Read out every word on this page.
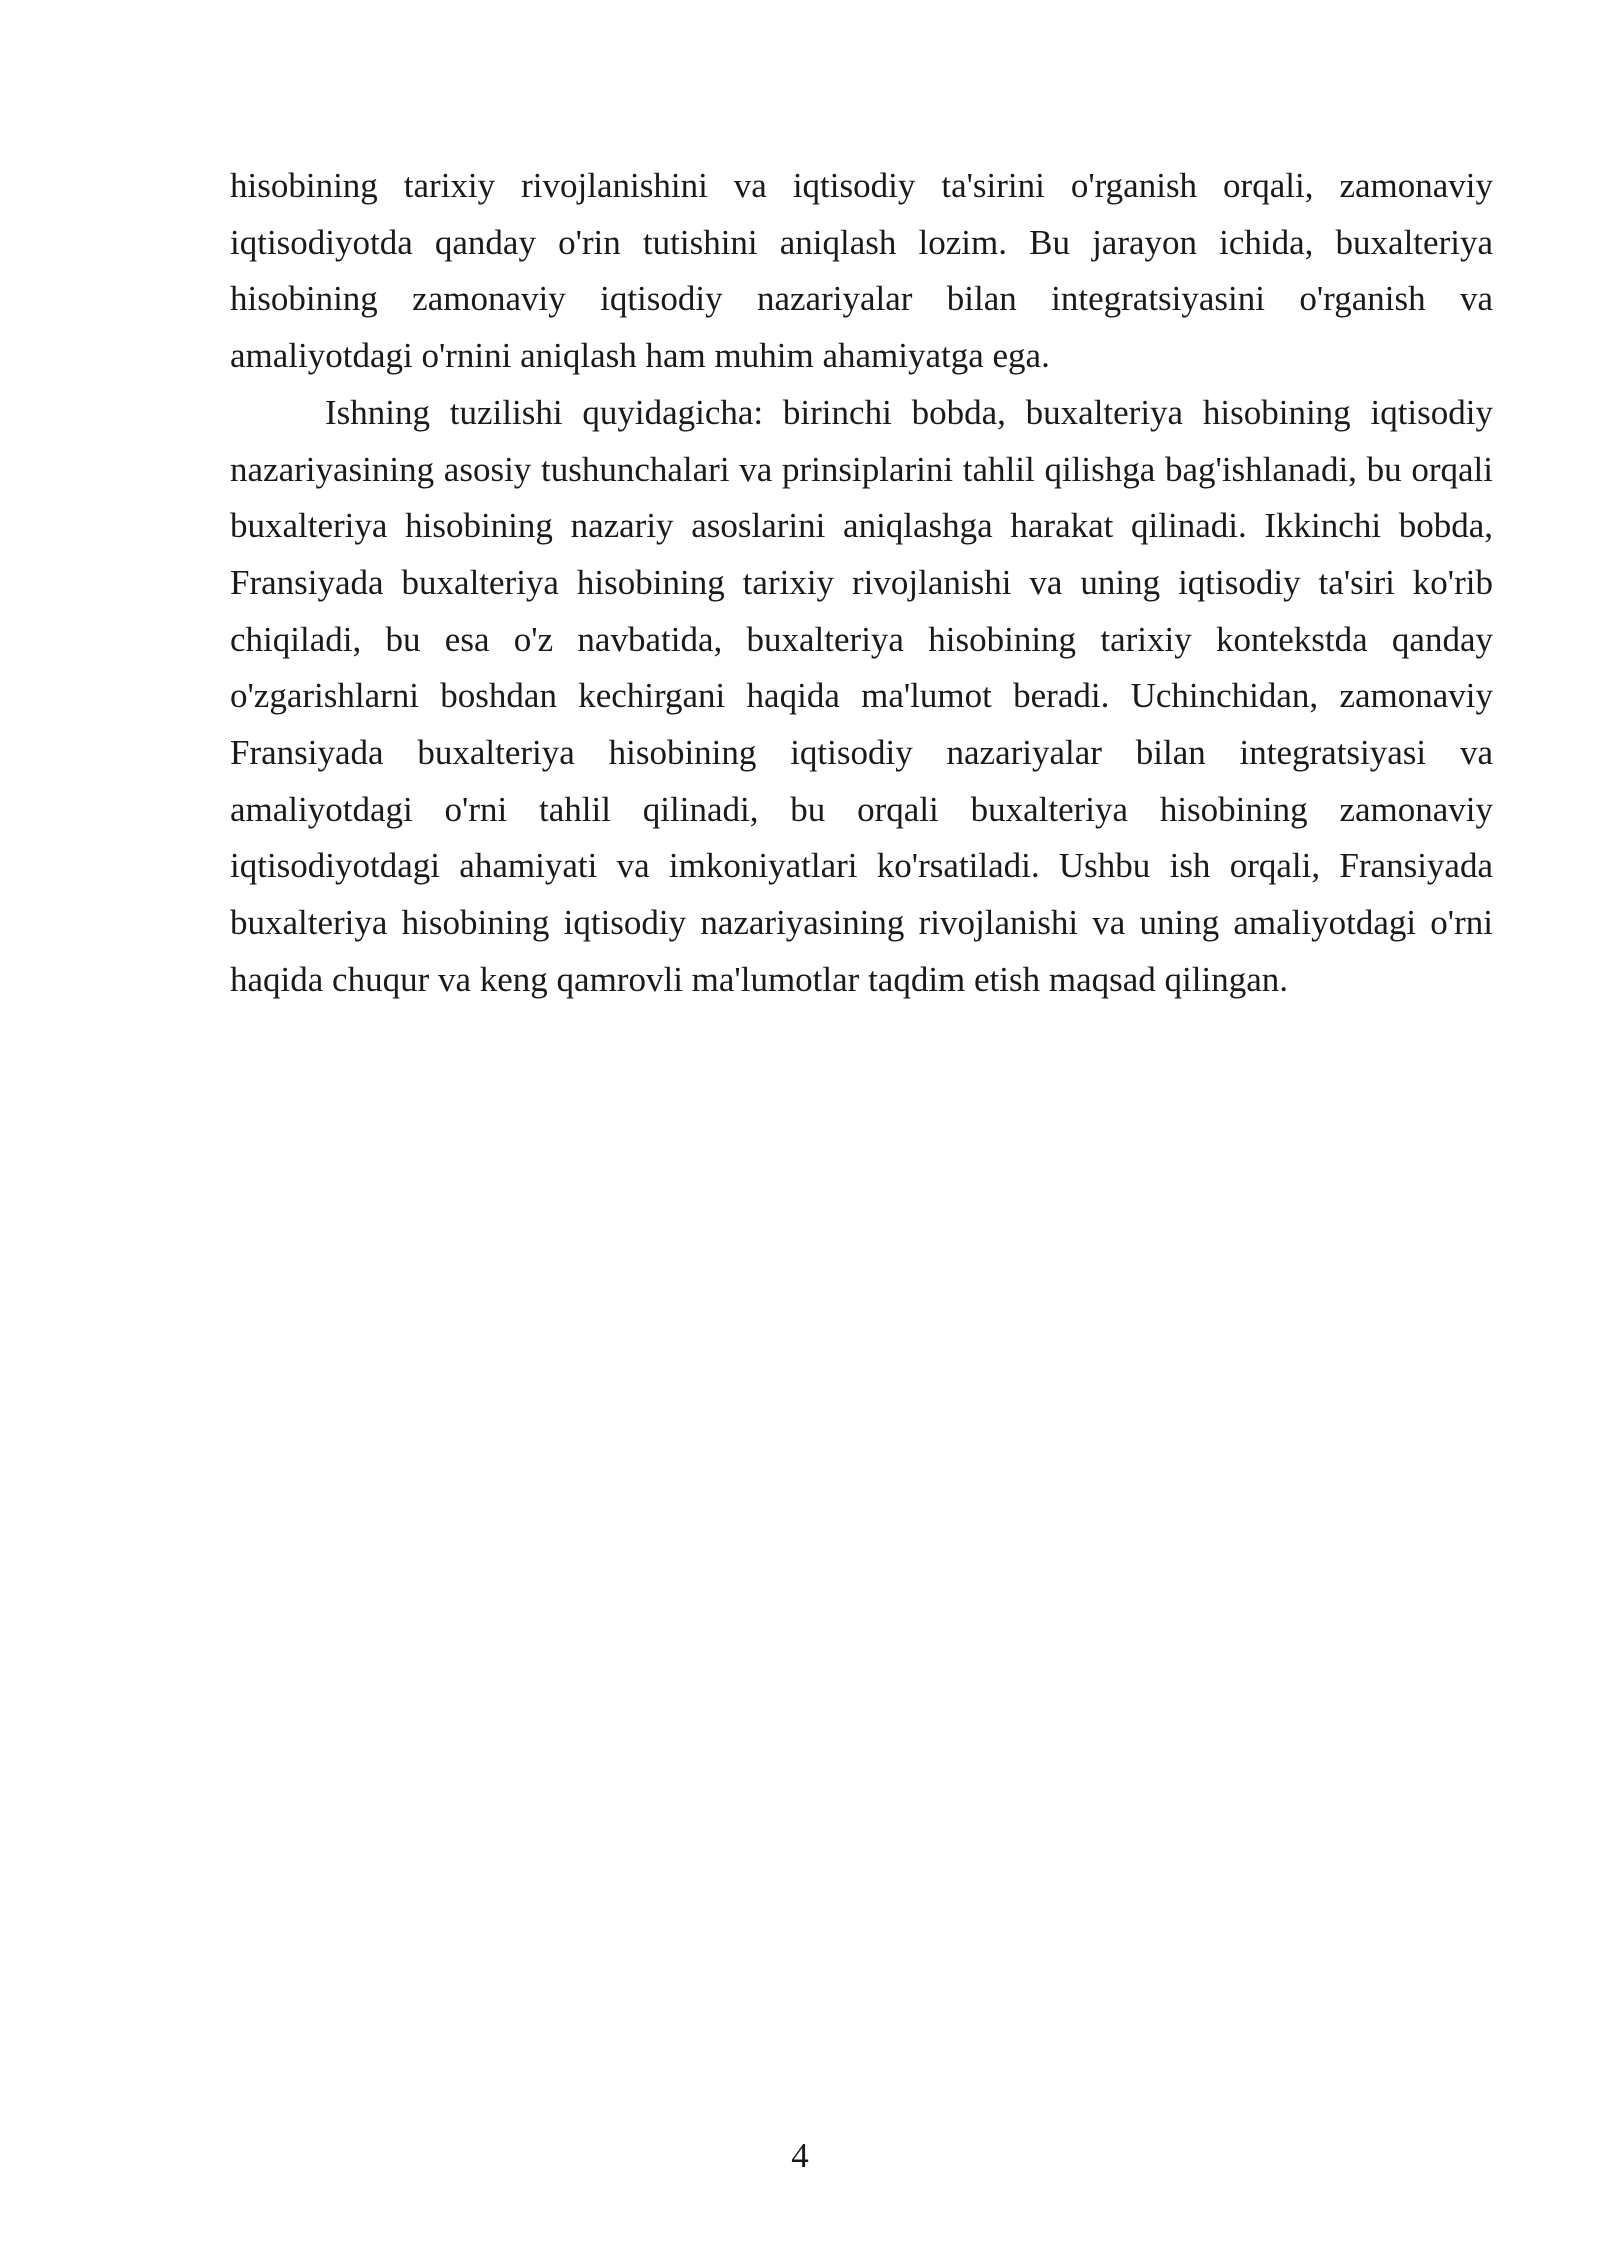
hisobining tarixiy rivojlanishini va iqtisodiy ta'sirini o'rganish orqali, zamonaviy iqtisodiyotda qanday o'rin tutishini aniqlash lozim. Bu jarayon ichida, buxalteriya hisobining zamonaviy iqtisodiy nazariyalar bilan integratsiyasini o'rganish va amaliyotdagi o'rnini aniqlash ham muhim ahamiyatga ega.

Ishning tuzilishi quyidagicha: birinchi bobda, buxalteriya hisobining iqtisodiy nazariyasining asosiy tushunchalari va prinsiplarini tahlil qilishga bag'ishlanadi, bu orqali buxalteriya hisobining nazariy asoslarini aniqlashga harakat qilinadi. Ikkinchi bobda, Fransiyada buxalteriya hisobining tarixiy rivojlanishi va uning iqtisodiy ta'siri ko'rib chiqiladi, bu esa o'z navbatida, buxalteriya hisobining tarixiy kontekstda qanday o'zgarishlarni boshdan kechirgani haqida ma'lumot beradi. Uchinchidan, zamonaviy Fransiyada buxalteriya hisobining iqtisodiy nazariyalar bilan integratsiyasi va amaliyotdagi o'rni tahlil qilinadi, bu orqali buxalteriya hisobining zamonaviy iqtisodiyotdagi ahamiyati va imkoniyatlari ko'rsatiladi. Ushbu ish orqali, Fransiyada buxalteriya hisobining iqtisodiy nazariyasining rivojlanishi va uning amaliyotdagi o'rni haqida chuqur va keng qamrovli ma'lumotlar taqdim etish maqsad qilingan.

4
